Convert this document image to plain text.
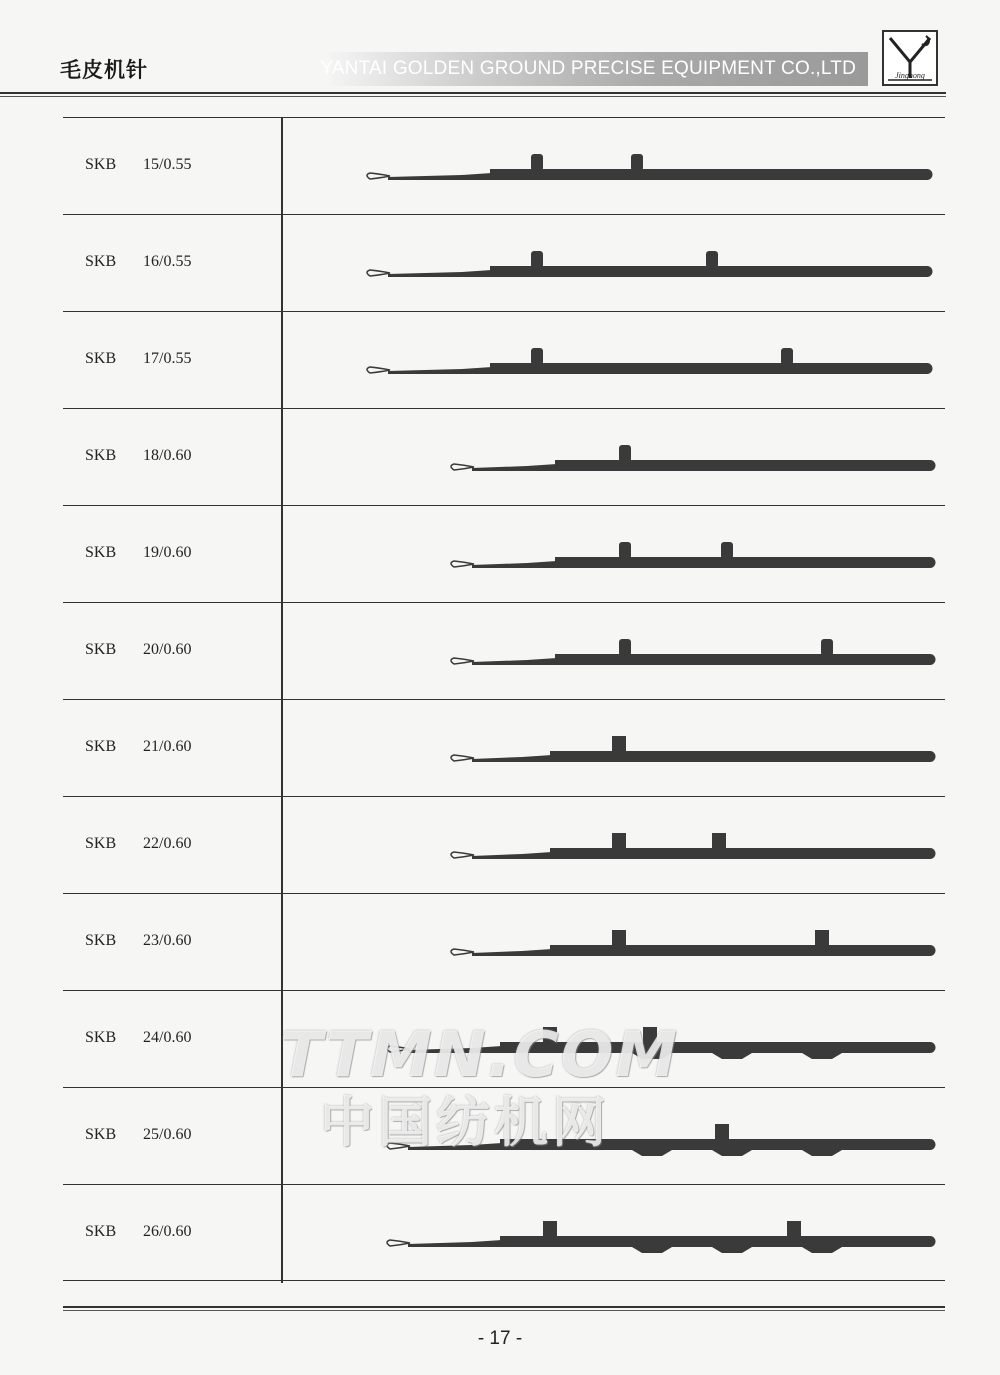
毛皮机针	YANTAI GOLDEN GROUND PRECISE EQUIPMENT CO.,LTD	Jinghong
SKB 15/0.55
SKB 16/0.55
SKB 17/0.55
SKB 18/0.60
SKB 19/0.60
SKB 20/0.60
SKB 21/0.60
SKB 22/0.60
SKB 23/0.60
SKB 24/0.60
SKB 25/0.60
SKB 26/0.60
- 17 -
TTMN.COM
中国纺机网
